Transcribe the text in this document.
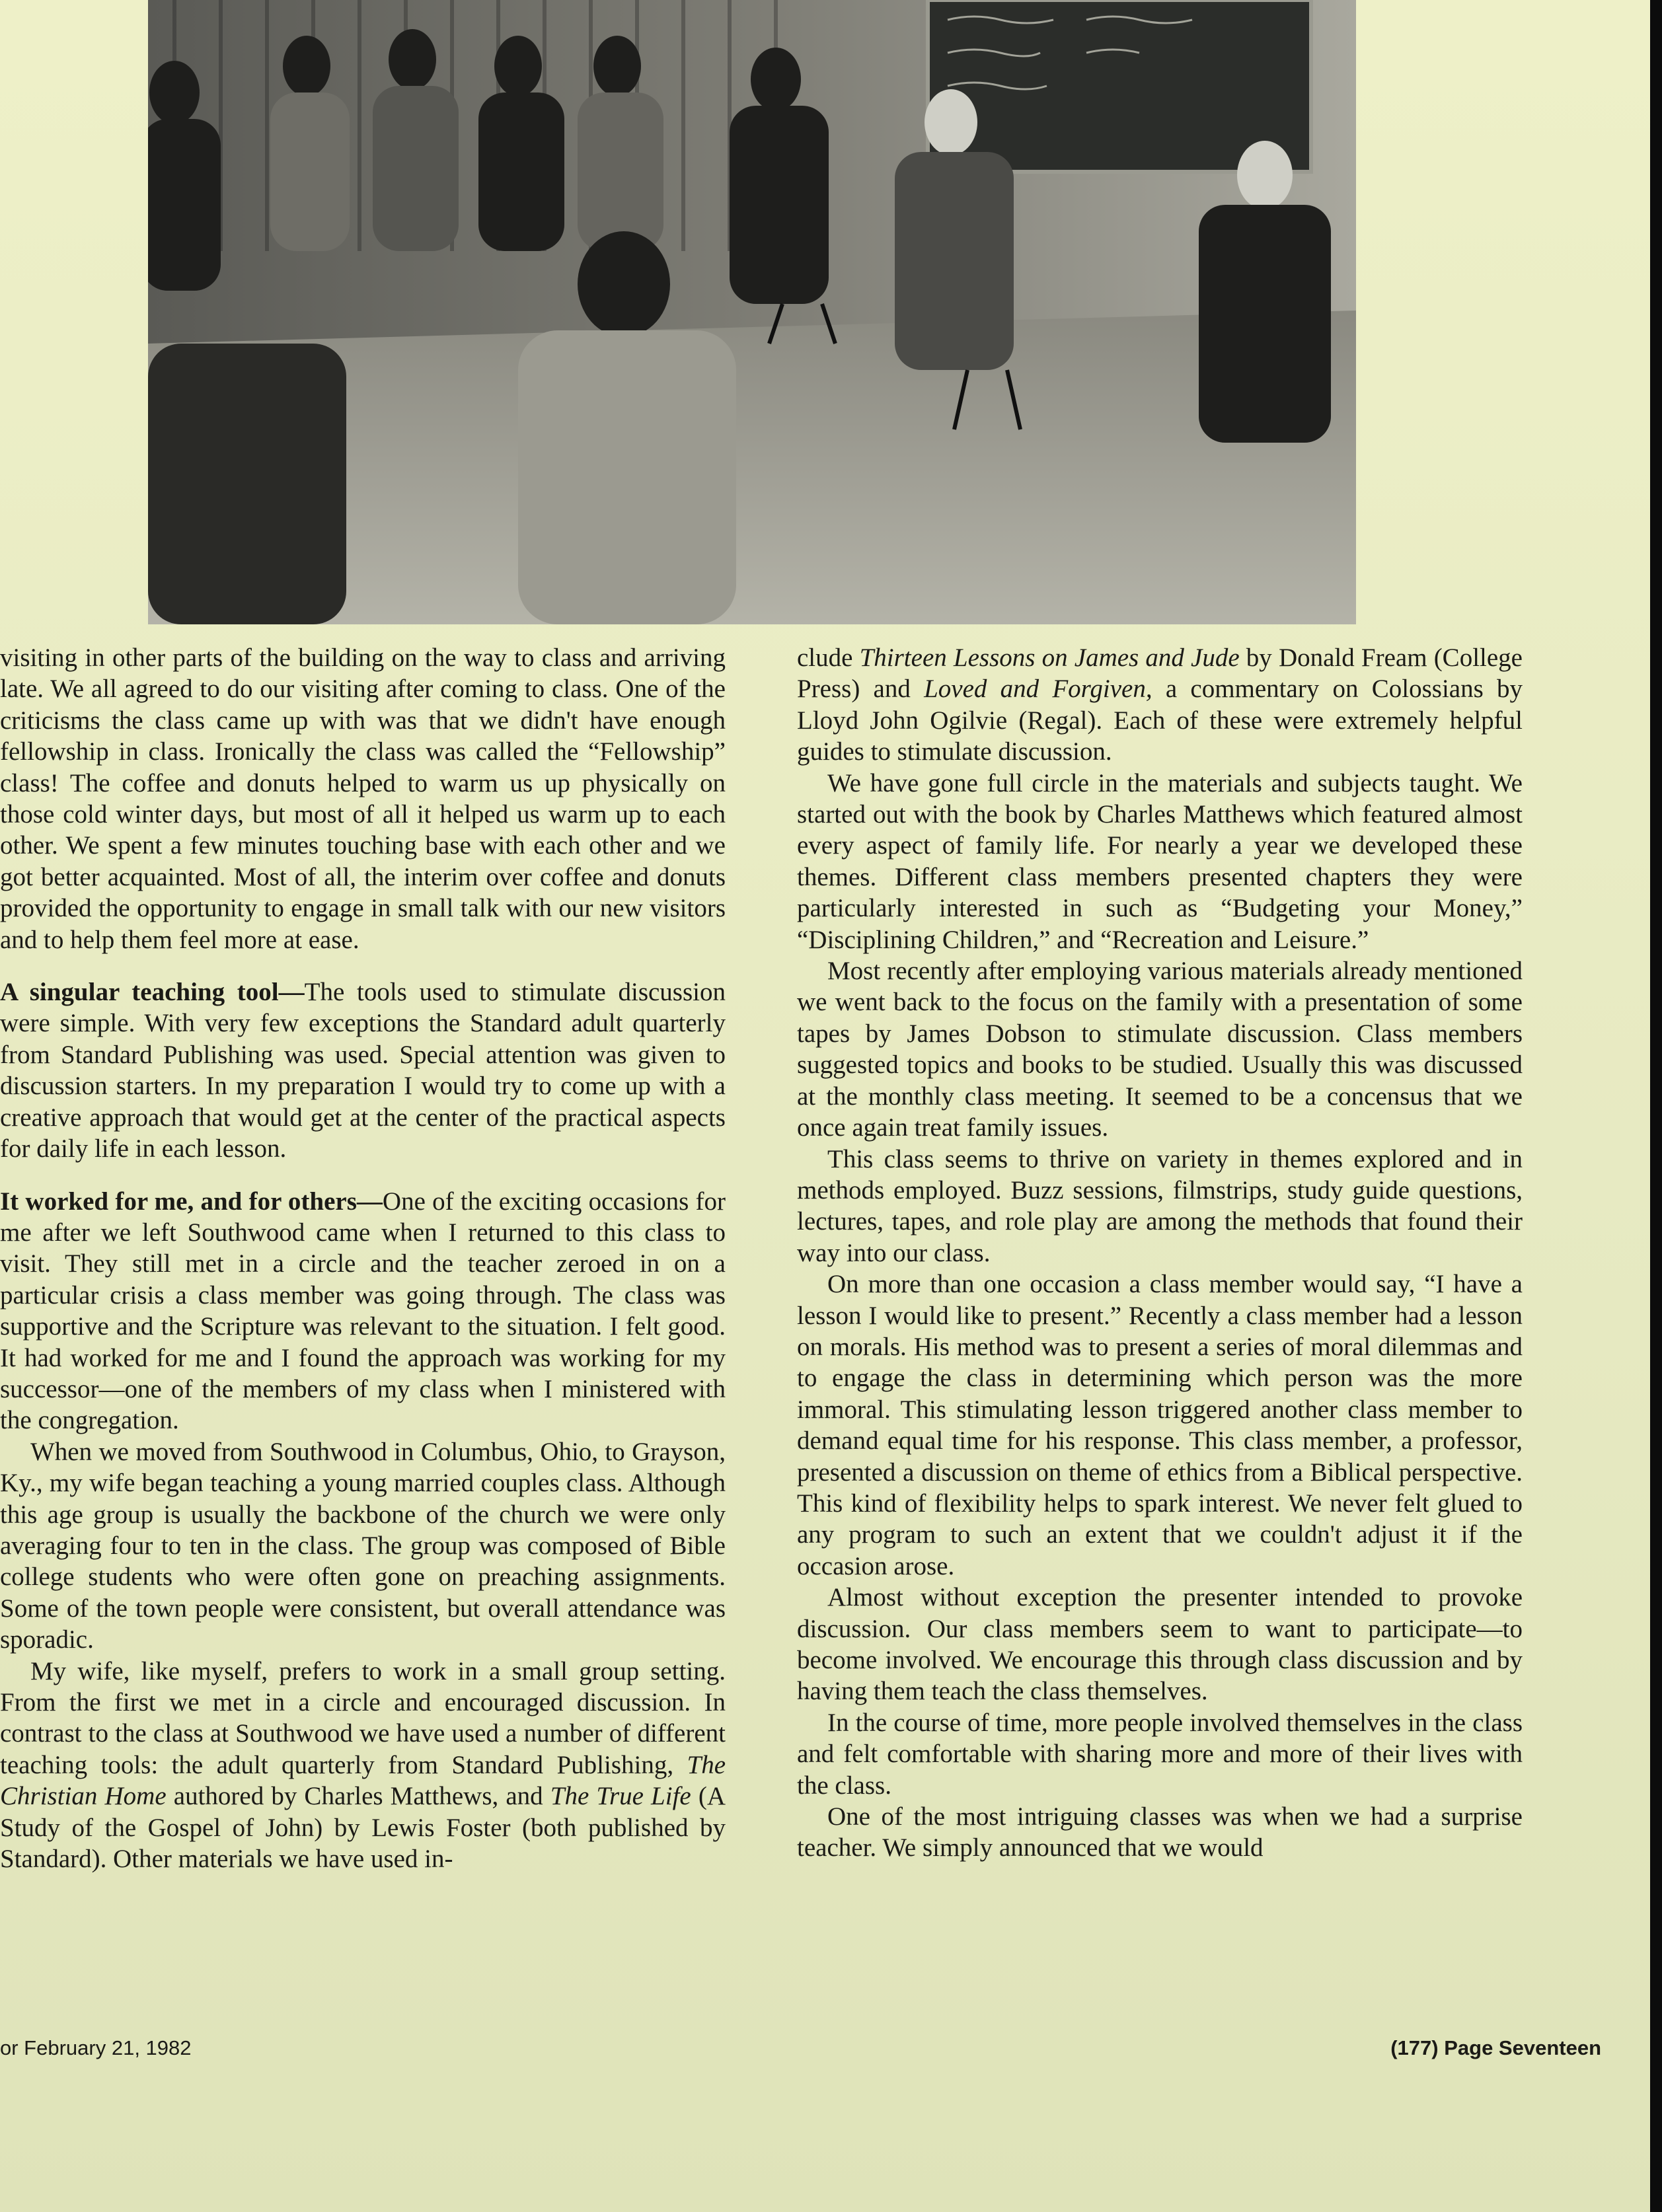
visiting in other parts of the building on the way to class and arriving late. We all agreed to do our visiting after coming to class. One of the criticisms the class came up with was that we didn't have enough fellowship in class. Ironically the class was called the “Fellowship” class! The coffee and donuts helped to warm us up physically on those cold winter days, but most of all it helped us warm up to each other. We spent a few minutes touching base with each other and we got better acquainted. Most of all, the interim over coffee and donuts provided the opportunity to engage in small talk with our new visitors and to help them feel more at ease.

A singular teaching tool—The tools used to stimulate discussion were simple. With very few exceptions the Standard adult quarterly from Standard Publishing was used. Special attention was given to discussion starters. In my preparation I would try to come up with a creative approach that would get at the center of the practical aspects for daily life in each lesson.

It worked for me, and for others—One of the exciting occasions for me after we left Southwood came when I returned to this class to visit. They still met in a circle and the teacher zeroed in on a particular crisis a class member was going through. The class was supportive and the Scripture was relevant to the situation. I felt good. It had worked for me and I found the approach was working for my successor—one of the members of my class when I ministered with the congregation.

When we moved from Southwood in Columbus, Ohio, to Grayson, Ky., my wife began teaching a young married couples class. Although this age group is usually the backbone of the church we were only averaging four to ten in the class. The group was composed of Bible college students who were often gone on preaching assignments. Some of the town people were consistent, but overall attendance was sporadic.

My wife, like myself, prefers to work in a small group setting. From the first we met in a circle and encouraged discussion. In contrast to the class at Southwood we have used a number of different teaching tools: the adult quarterly from Standard Publishing, The Christian Home authored by Charles Matthews, and The True Life (A Study of the Gospel of John) by Lewis Foster (both published by Standard). Other materials we have used in-

clude Thirteen Lessons on James and Jude by Donald Fream (College Press) and Loved and Forgiven, a commentary on Colossians by Lloyd John Ogilvie (Regal). Each of these were extremely helpful guides to stimulate discussion.

We have gone full circle in the materials and subjects taught. We started out with the book by Charles Matthews which featured almost every aspect of family life. For nearly a year we developed these themes. Different class members presented chapters they were particularly interested in such as “Budgeting your Money,” “Disciplining Children,” and “Recreation and Leisure.”

Most recently after employing various materials already mentioned we went back to the focus on the family with a presentation of some tapes by James Dobson to stimulate discussion. Class members suggested topics and books to be studied. Usually this was discussed at the monthly class meeting. It seemed to be a concensus that we once again treat family issues.

This class seems to thrive on variety in themes explored and in methods employed. Buzz sessions, filmstrips, study guide questions, lectures, tapes, and role play are among the methods that found their way into our class.

On more than one occasion a class member would say, “I have a lesson I would like to present.” Recently a class member had a lesson on morals. His method was to present a series of moral dilemmas and to engage the class in determining which person was the more immoral. This stimulating lesson triggered another class member to demand equal time for his response. This class member, a professor, presented a discussion on theme of ethics from a Biblical perspective. This kind of flexibility helps to spark interest. We never felt glued to any program to such an extent that we couldn't adjust it if the occasion arose.

Almost without exception the presenter intended to provoke discussion. Our class members seem to want to participate—to become involved. We encourage this through class discussion and by having them teach the class themselves.

In the course of time, more people involved themselves in the class and felt comfortable with sharing more and more of their lives with the class.

One of the most intriguing classes was when we had a surprise teacher. We simply announced that we would

or February 21, 1982	(177) Page Seventeen
